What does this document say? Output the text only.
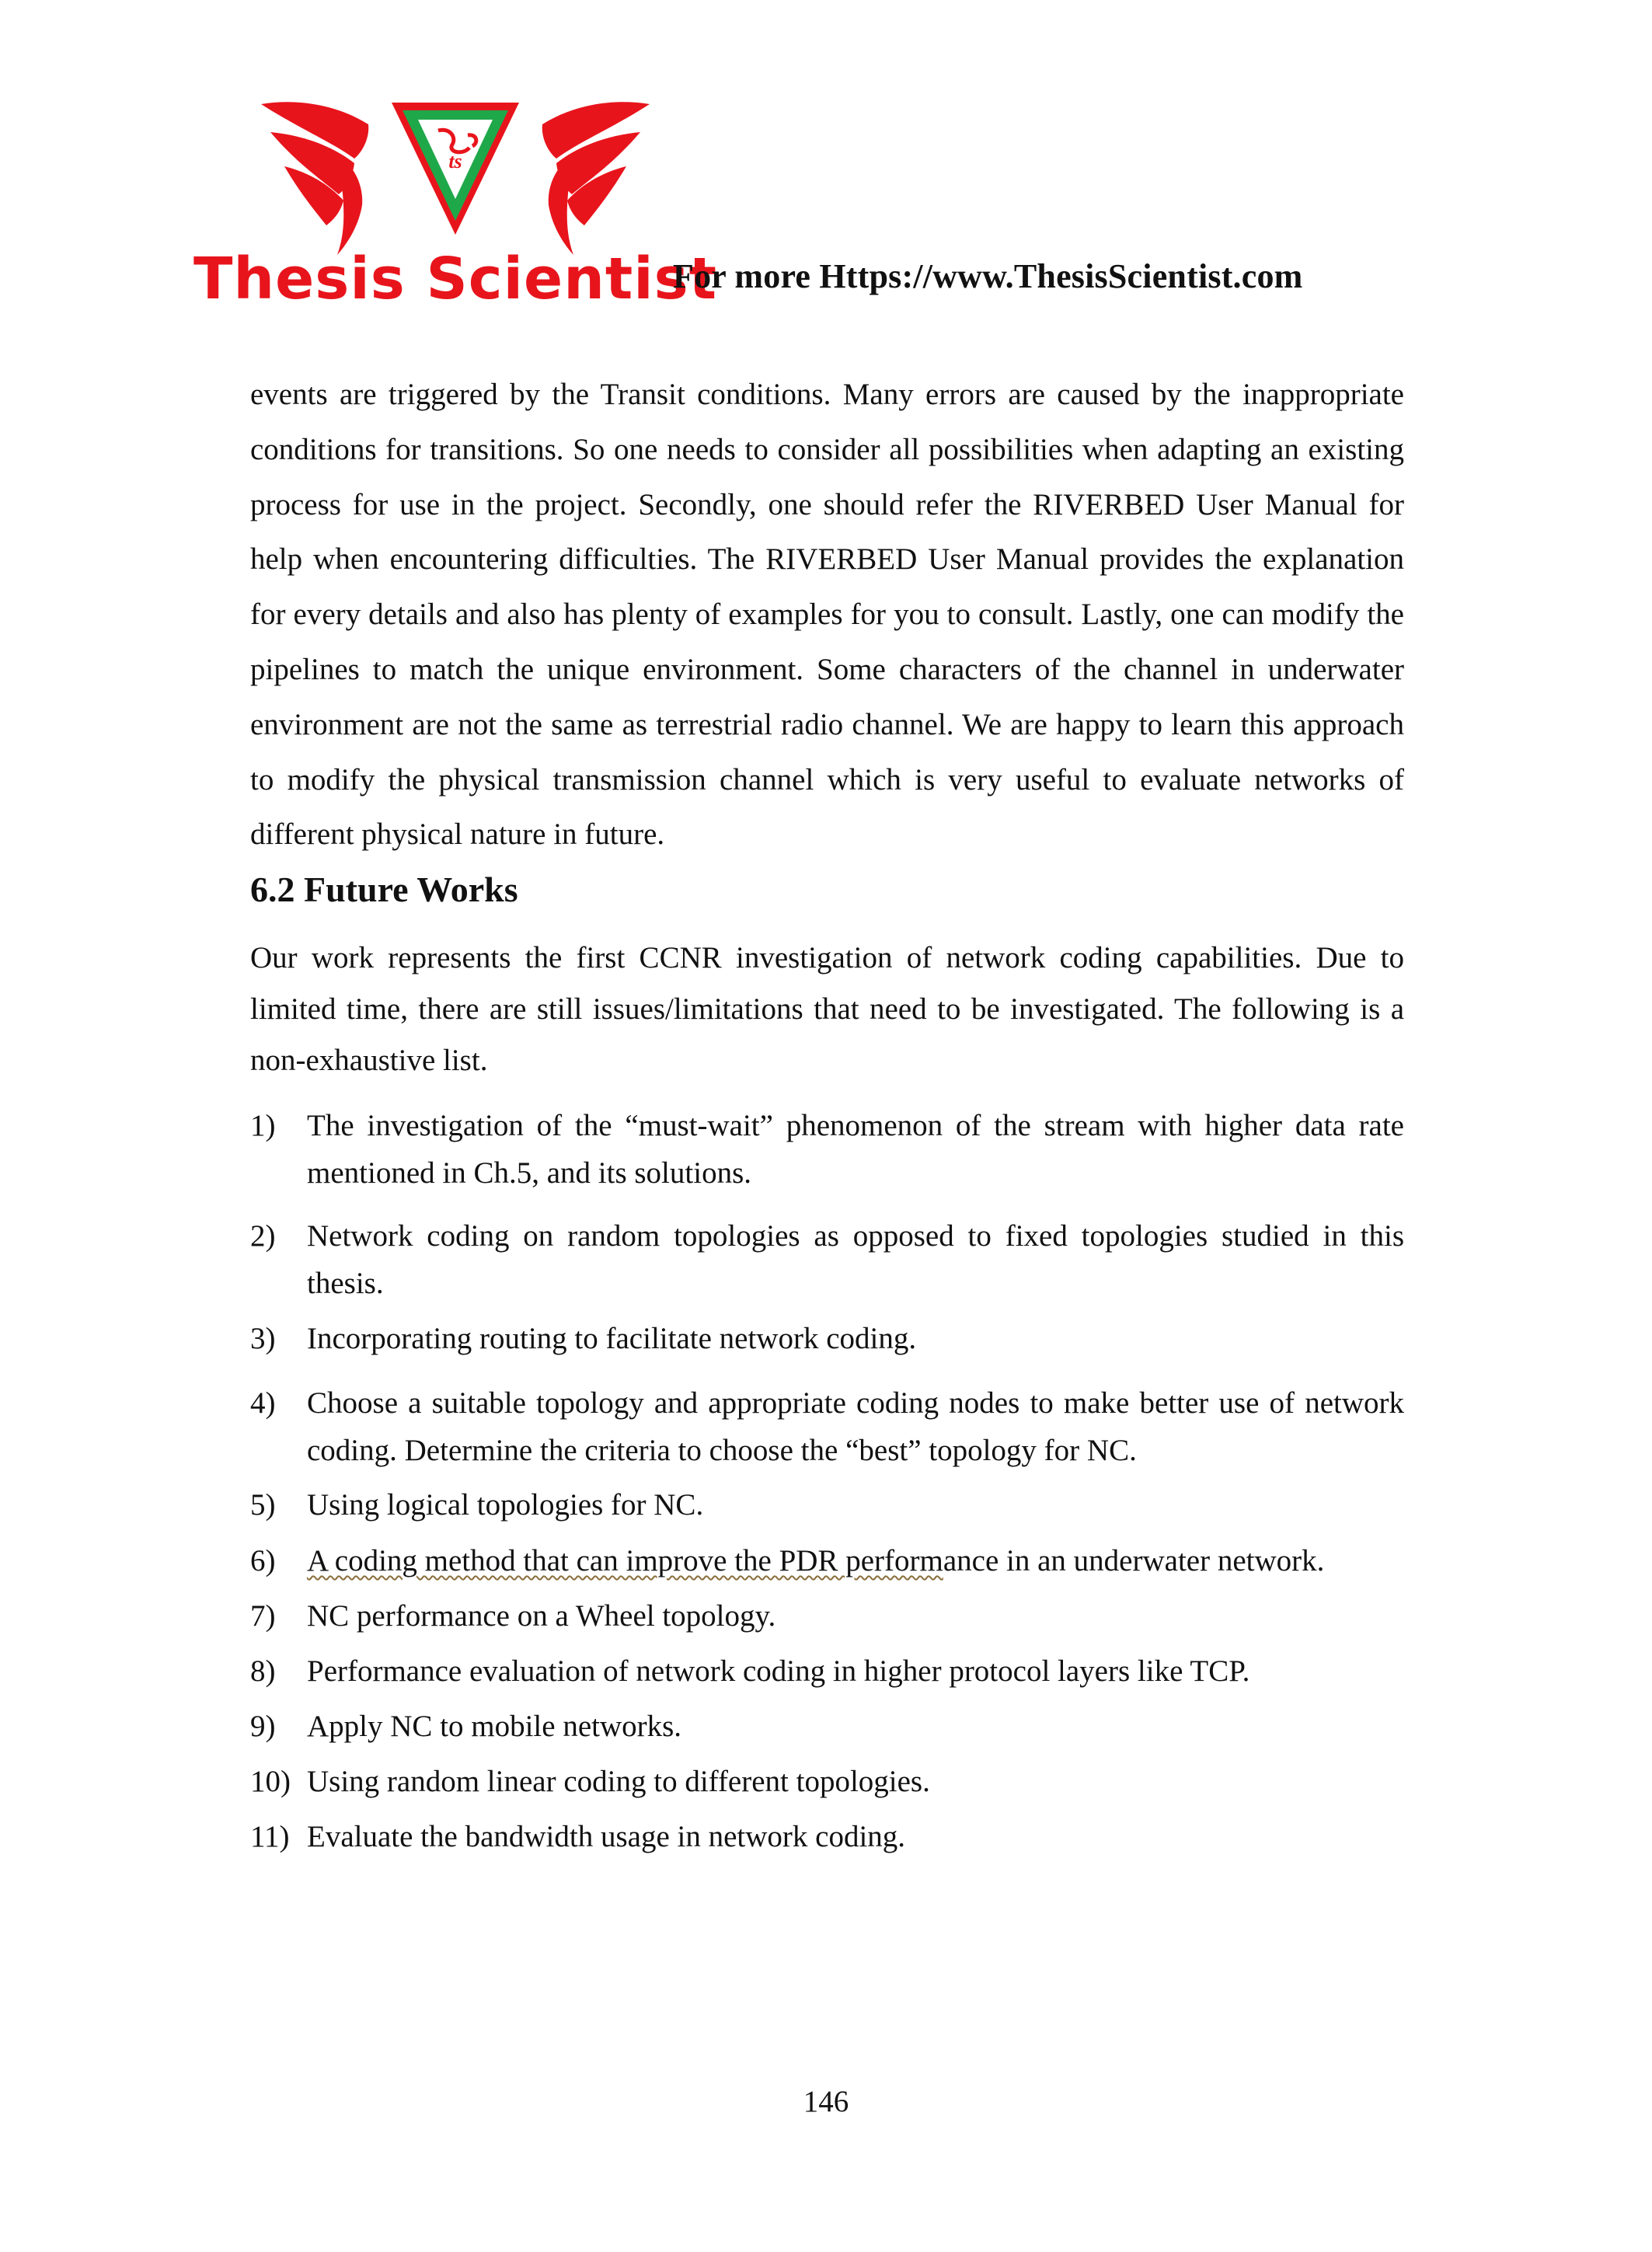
ts
Thesis Scientist
For more Https://www.ThesisScientist.com

events are triggered by the Transit conditions. Many errors are caused by the inappropriate conditions for transitions. So one needs to consider all possibilities when adapting an existing process for use in the project. Secondly, one should refer the RIVERBED User Manual for help when encountering difficulties. The RIVERBED User Manual provides the explanation for every details and also has plenty of examples for you to consult. Lastly, one can modify the pipelines to match the unique environment. Some characters of the channel in underwater environment are not the same as terrestrial radio channel. We are happy to learn this approach to modify the physical transmission channel which is very useful to evaluate networks of different physical nature in future.

6.2 Future Works

Our work represents the first CCNR investigation of network coding capabilities. Due to limited time, there are still issues/limitations that need to be investigated. The following is a non-exhaustive list.

1) The investigation of the “must-wait” phenomenon of the stream with higher data rate mentioned in Ch.5, and its solutions.
2) Network coding on random topologies as opposed to fixed topologies studied in this thesis.
3) Incorporating routing to facilitate network coding.
4) Choose a suitable topology and appropriate coding nodes to make better use of network coding. Determine the criteria to choose the “best” topology for NC.
5) Using logical topologies for NC.
6) A coding method that can improve the PDR performance in an underwater network.
7) NC performance on a Wheel topology.
8) Performance evaluation of network coding in higher protocol layers like TCP.
9) Apply NC to mobile networks.
10) Using random linear coding to different topologies.
11) Evaluate the bandwidth usage in network coding.

146
